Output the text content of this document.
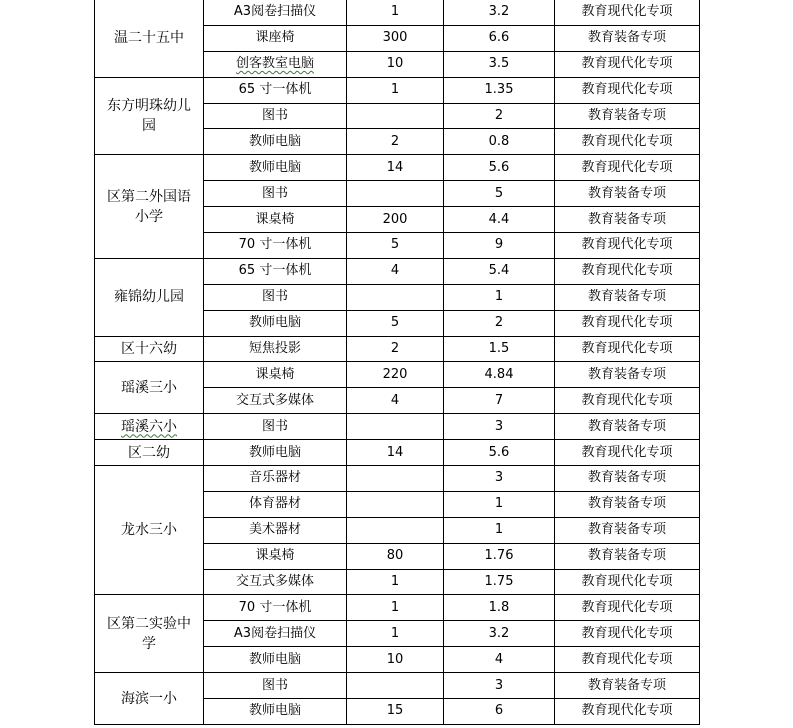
温二十五中	A3阅卷扫描仪	1	3.2	教育现代化专项
	课座椅	300	6.6	教育装备专项
	创客教室电脑	10	3.5	教育现代化专项
东方明珠幼儿园	65 寸一体机	1	1.35	教育现代化专项
	图书		2	教育装备专项
	教师电脑	2	0.8	教育现代化专项
区第二外国语小学	教师电脑	14	5.6	教育现代化专项
	图书		5	教育装备专项
	课桌椅	200	4.4	教育装备专项
	70 寸一体机	5	9	教育现代化专项
雍锦幼儿园	65 寸一体机	4	5.4	教育现代化专项
	图书		1	教育装备专项
	教师电脑	5	2	教育现代化专项
区十六幼	短焦投影	2	1.5	教育现代化专项
瑶溪三小	课桌椅	220	4.84	教育装备专项
	交互式多媒体	4	7	教育现代化专项
瑶溪六小	图书		3	教育装备专项
区二幼	教师电脑	14	5.6	教育现代化专项
龙水三小	音乐器材		3	教育装备专项
	体育器材		1	教育装备专项
	美术器材		1	教育装备专项
	课桌椅	80	1.76	教育装备专项
	交互式多媒体	1	1.75	教育现代化专项
区第二实验中学	70 寸一体机	1	1.8	教育现代化专项
	A3阅卷扫描仪	1	3.2	教育现代化专项
	教师电脑	10	4	教育现代化专项
海滨一小	图书		3	教育装备专项
	教师电脑	15	6	教育现代化专项
